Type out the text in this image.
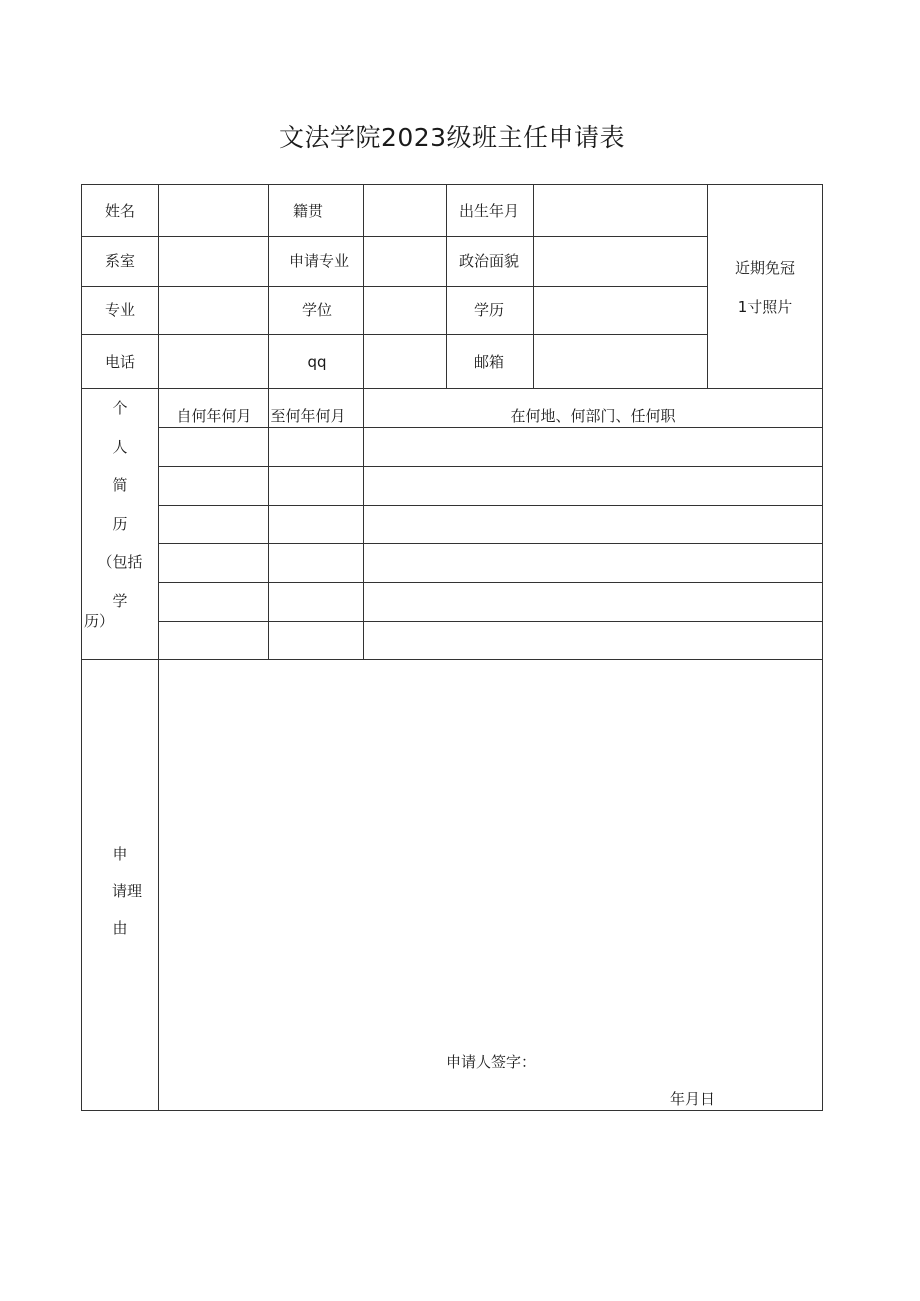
文法学院2023级班主任申请表
姓名	籍贯	出生年月
系室	申请专业	政治面貌
专业	学位	学历
电话	qq	邮箱
近期免冠
1寸照片
个
人
简
历
（包括
学
历）
自何年何月 至何年何月	在何地、何部门、任何职
申
请理
由
申请人签字：
年月日
